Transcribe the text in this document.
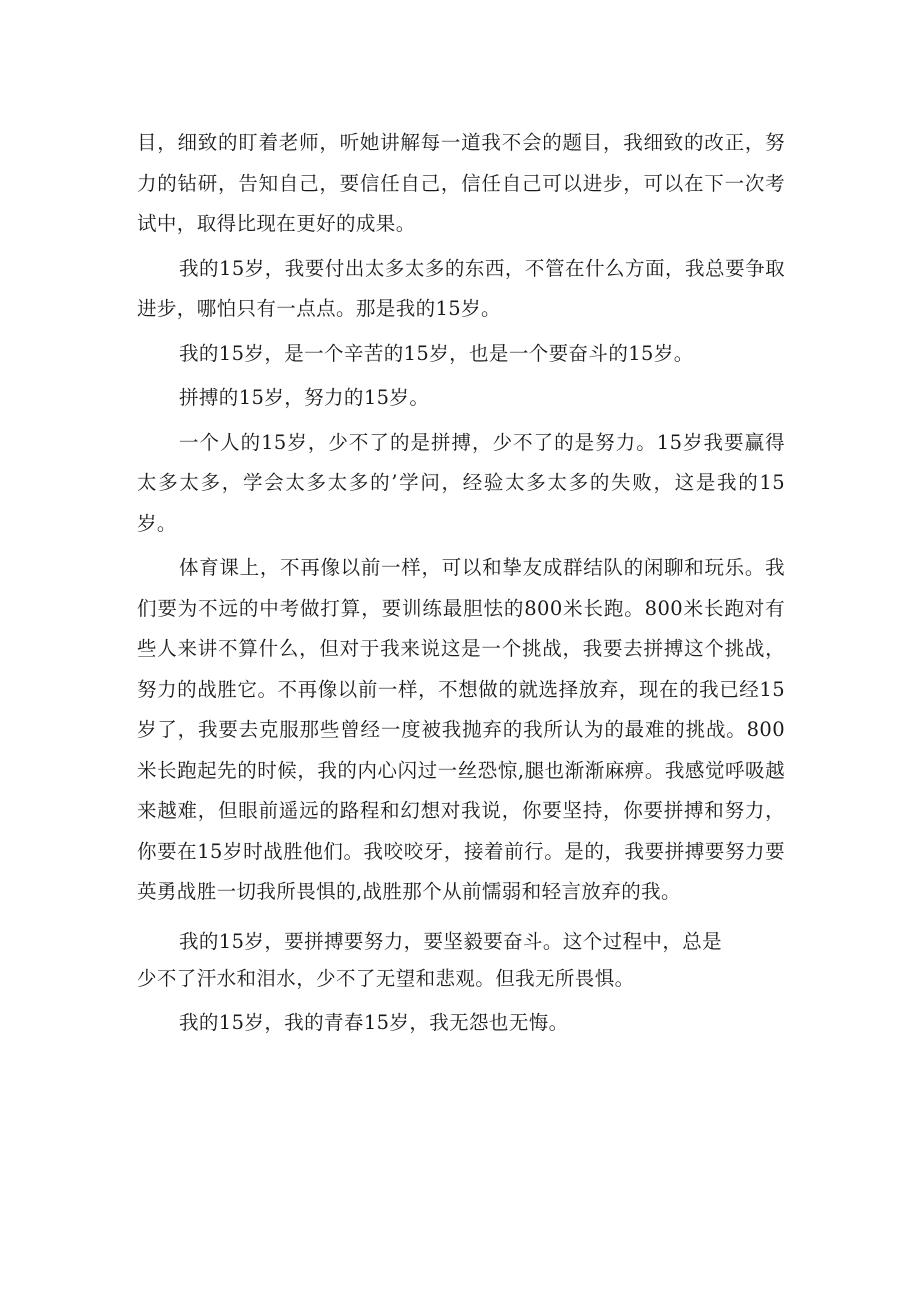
目，细致的盯着老师，听她讲解每一道我不会的题目，我细致的改正，努力的钻研，告知自己，要信任自己，信任自己可以进步，可以在下一次考试中，取得比现在更好的成果。

我的15岁，我要付出太多太多的东西，不管在什么方面，我总要争取进步，哪怕只有一点点。那是我的15岁。

我的15岁，是一个辛苦的15岁，也是一个要奋斗的15岁。

拼搏的15岁，努力的15岁。

一个人的15岁，少不了的是拼搏，少不了的是努力。15岁我要赢得太多太多，学会太多太多的’学问，经验太多太多的失败，这是我的15岁。

体育课上，不再像以前一样，可以和挚友成群结队的闲聊和玩乐。我们要为不远的中考做打算，要训练最胆怯的800米长跑。800米长跑对有些人来讲不算什么，但对于我来说这是一个挑战，我要去拼搏这个挑战，努力的战胜它。不再像以前一样，不想做的就选择放弃，现在的我已经15岁了，我要去克服那些曾经一度被我抛弃的我所认为的最难的挑战。800米长跑起先的时候，我的内心闪过一丝恐惊,腿也渐渐麻痹。我感觉呼吸越来越难，但眼前遥远的路程和幻想对我说，你要坚持，你要拼搏和努力，你要在15岁时战胜他们。我咬咬牙，接着前行。是的，我要拼搏要努力要英勇战胜一切我所畏惧的,战胜那个从前懦弱和轻言放弃的我。

我的15岁，要拼搏要努力，要坚毅要奋斗。这个过程中，总是

少不了汗水和泪水，少不了无望和悲观。但我无所畏惧。

我的15岁，我的青春15岁，我无怨也无悔。
